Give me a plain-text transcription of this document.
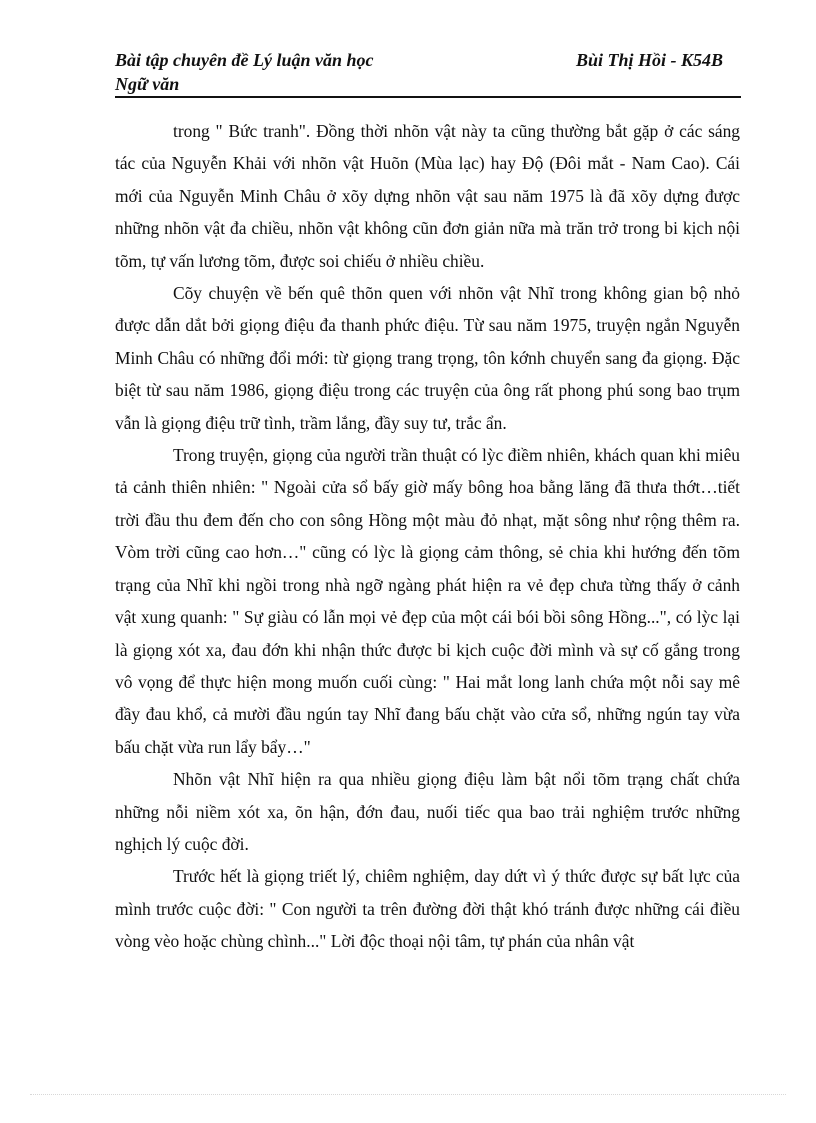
Bài tập chuyên đề Lý luận văn học
Ngữ văn
Bùi Thị Hồi - K54B

trong " Bức tranh". Đồng thời nhõn vật này ta cũng thường bắt gặp ở các sáng tác của Nguyễn Khải với nhõn vật Huõn (Mùa lạc) hay Độ (Đôi mắt - Nam Cao). Cái mới của Nguyễn Minh Châu ở xõy dựng nhõn vật sau năm 1975 là đã xõy dựng được những nhõn vật đa chiều, nhõn vật không cũn đơn giản nữa mà trăn trở trong bi kịch nội tõm, tự vấn lương tõm, được soi chiếu ở nhiều chiều.

Cõy chuyện về bến quê thõn quen với nhõn vật Nhĩ trong không gian bộ nhỏ được dẫn dắt bởi giọng điệu đa thanh phức điệu. Từ sau năm 1975, truyện ngắn Nguyễn Minh Châu có những đổi mới: từ giọng trang trọng, tôn kớnh chuyển sang đa giọng. Đặc biệt từ sau năm 1986, giọng điệu trong các truyện của ông rất phong phú song bao trụm vẫn là giọng điệu trữ tình, trầm lắng, đầy suy tư, trắc ẩn.

Trong truyện, giọng của người trần thuật có lỳc điềm nhiên, khách quan khi miêu tả cảnh thiên nhiên: " Ngoài cửa sổ bấy giờ mấy bông hoa bằng lăng đã thưa thớt…tiết trời đầu thu đem đến cho con sông Hồng một màu đỏ nhạt, mặt sông như rộng thêm ra. Vòm trời cũng cao hơn…" cũng có lỳc là giọng cảm thông, sẻ chia khi hướng đến tõm trạng của Nhĩ khi ngồi trong nhà ngỡ ngàng phát hiện ra vẻ đẹp chưa từng thấy ở cảnh vật xung quanh: " Sự giàu có lẫn mọi vẻ đẹp của một cái bói bồi sông Hồng...", có lỳc lại là giọng xót xa, đau đớn khi nhận thức được bi kịch cuộc đời mình và sự cố gắng trong vô vọng để thực hiện mong muốn cuối cùng: " Hai mắt long lanh chứa một nỗi say mê đầy đau khổ, cả mười đầu ngún tay Nhĩ đang bấu chặt vào cửa sổ, những ngún tay vừa bấu chặt vừa run lẩy bẩy…"

Nhõn vật Nhĩ hiện ra qua nhiều giọng điệu làm bật nổi tõm trạng chất chứa những nỗi niềm xót xa, õn hận, đớn đau, nuối tiếc qua bao trải nghiệm trước những nghịch lý cuộc đời.

Trước hết là giọng triết lý, chiêm nghiệm, day dứt vì ý thức được sự bất lực của mình trước cuộc đời: " Con người ta trên đường đời thật khó tránh được những cái điều vòng vèo hoặc chùng chình..." Lời độc thoại nội tâm, tự phán của nhân vật
